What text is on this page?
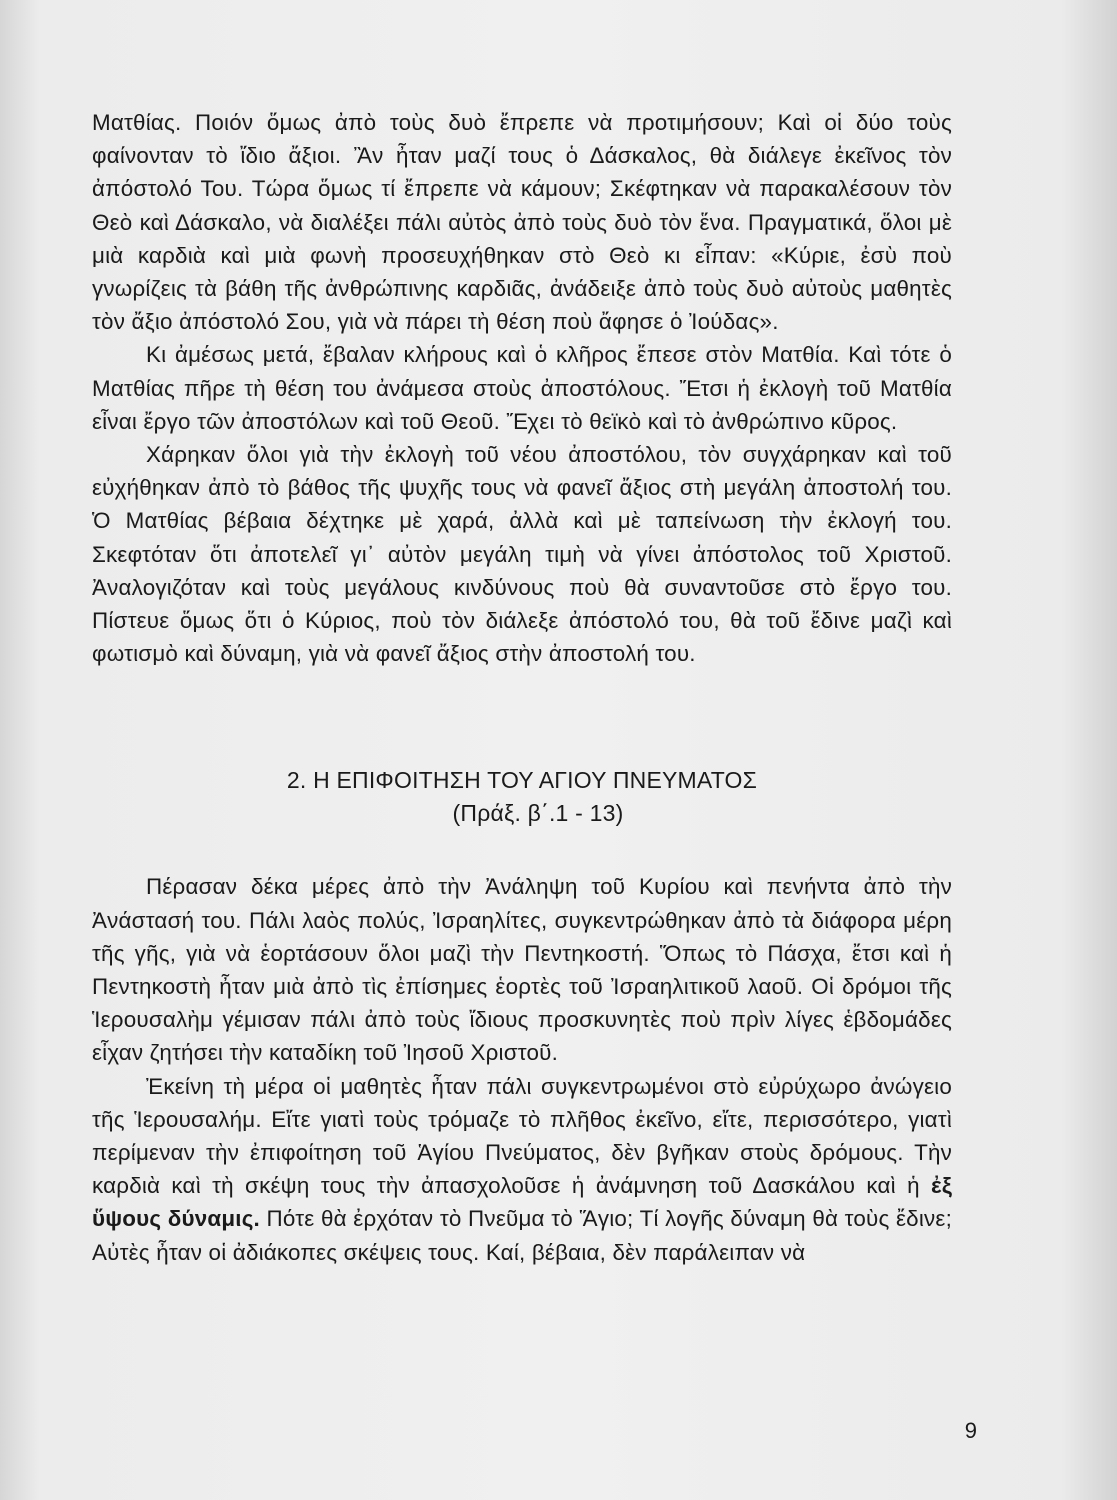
Ματθίας. Ποιόν ὅμως ἀπὸ τοὺς δυὸ ἔπρεπε νὰ προτιμήσουν; Καὶ οἱ δύο τοὺς φαίνονταν τὸ ἴδιο ἄξιοι. Ἂν ἦταν μαζί τους ὁ Δάσκαλος, θὰ διάλεγε ἐκεῖνος τὸν ἀπόστολό Του. Τώρα ὅμως τί ἔπρεπε νὰ κάμουν; Σκέφτηκαν νὰ παρακαλέσουν τὸν Θεὸ καὶ Δάσκαλο, νὰ διαλέξει πάλι αὐτὸς ἀπὸ τοὺς δυὸ τὸν ἕνα. Πραγματικά, ὅλοι μὲ μιὰ καρδιὰ καὶ μιὰ φωνὴ προσευχήθηκαν στὸ Θεὸ κι εἶπαν: «Κύριε, ἐσὺ ποὺ γνωρίζεις τὰ βάθη τῆς ἀνθρώπινης καρδιᾶς, ἀνάδειξε ἀπὸ τοὺς δυὸ αὐτοὺς μαθητὲς τὸν ἄξιο ἀπόστολό Σου, γιὰ νὰ πάρει τὴ θέση ποὺ ἄφησε ὁ Ἰούδας».

Κι ἀμέσως μετά, ἔβαλαν κλήρους καὶ ὁ κλῆρος ἔπεσε στὸν Ματθία. Καὶ τότε ὁ Ματθίας πῆρε τὴ θέση του ἀνάμεσα στοὺς ἀποστόλους. Ἔτσι ἡ ἐκλογὴ τοῦ Ματθία εἶναι ἔργο τῶν ἀποστόλων καὶ τοῦ Θεοῦ. Ἔχει τὸ θεϊκὸ καὶ τὸ ἀνθρώπινο κῦρος.

Χάρηκαν ὅλοι γιὰ τὴν ἐκλογὴ τοῦ νέου ἀποστόλου, τὸν συγχάρηκαν καὶ τοῦ εὐχήθηκαν ἀπὸ τὸ βάθος τῆς ψυχῆς τους νὰ φανεῖ ἄξιος στὴ μεγάλη ἀποστολή του. Ὁ Ματθίας βέβαια δέχτηκε μὲ χαρά, ἀλλὰ καὶ μὲ ταπείνωση τὴν ἐκλογή του. Σκεφτόταν ὅτι ἀποτελεῖ γι᾽ αὐτὸν μεγάλη τιμὴ νὰ γίνει ἀπόστολος τοῦ Χριστοῦ. Ἀναλογιζόταν καὶ τοὺς μεγάλους κινδύνους ποὺ θὰ συναντοῦσε στὸ ἔργο του. Πίστευε ὅμως ὅτι ὁ Κύριος, ποὺ τὸν διάλεξε ἀπόστολό του, θὰ τοῦ ἔδινε μαζὶ καὶ φωτισμὸ καὶ δύναμη, γιὰ νὰ φανεῖ ἄξιος στὴν ἀποστολή του.

2. Η ΕΠΙΦΟΙΤΗΣΗ ΤΟΥ ΑΓΙΟΥ ΠΝΕΥΜΑΤΟΣ
(Πράξ. β΄.1 - 13)

Πέρασαν δέκα μέρες ἀπὸ τὴν Ἀνάληψη τοῦ Κυρίου καὶ πενήντα ἀπὸ τὴν Ἀνάστασή του. Πάλι λαὸς πολύς, Ἰσραηλίτες, συγκεντρώθηκαν ἀπὸ τὰ διάφορα μέρη τῆς γῆς, γιὰ νὰ ἑορτάσουν ὅλοι μαζὶ τὴν Πεντηκοστή. Ὅπως τὸ Πάσχα, ἔτσι καὶ ἡ Πεντηκοστὴ ἦταν μιὰ ἀπὸ τὶς ἐπίσημες ἑορτὲς τοῦ Ἰσραηλιτικοῦ λαοῦ. Οἱ δρόμοι τῆς Ἱερουσαλὴμ γέμισαν πάλι ἀπὸ τοὺς ἴδιους προσκυνητὲς ποὺ πρὶν λίγες ἑβδομάδες εἶχαν ζητήσει τὴν καταδίκη τοῦ Ἰησοῦ Χριστοῦ.

Ἐκείνη τὴ μέρα οἱ μαθητὲς ἦταν πάλι συγκεντρωμένοι στὸ εὐρύχωρο ἀνώγειο τῆς Ἱερουσαλήμ. Εἴτε γιατὶ τοὺς τρόμαζε τὸ πλῆθος ἐκεῖνο, εἴτε, περισσότερο, γιατὶ περίμεναν τὴν ἐπιφοίτηση τοῦ Ἁγίου Πνεύματος, δὲν βγῆκαν στοὺς δρόμους. Τὴν καρδιὰ καὶ τὴ σκέψη τους τὴν ἀπασχολοῦσε ἡ ἀνάμνηση τοῦ Δασκάλου καὶ ἡ ἐξ ὕψους δύναμις. Πότε θὰ ἐρχόταν τὸ Πνεῦμα τὸ Ἅγιο; Τί λογῆς δύναμη θὰ τοὺς ἔδινε; Αὐτὲς ἦταν οἱ ἀδιάκοπες σκέψεις τους. Καί, βέβαια, δὲν παράλειπαν νὰ

9
